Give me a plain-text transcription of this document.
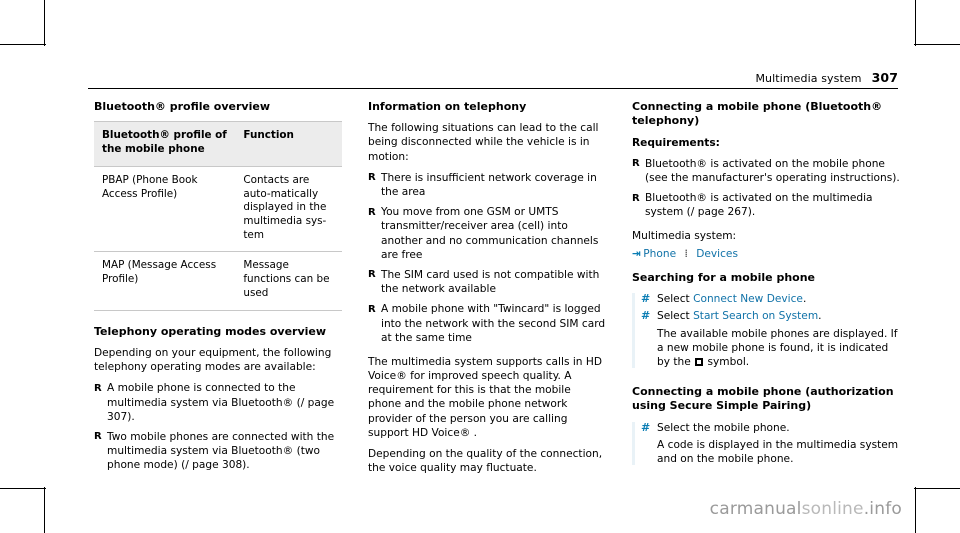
Multimedia system 307
Bluetooth® profile overview
Bluetooth® profile of the mobile phone	Function
PBAP (Phone Book Access Profile)	Contacts are auto-matically displayed in the multimedia sys-tem
MAP (Message Access Profile)	Message functions can be used
Telephony operating modes overview

Depending on your equipment, the following telephony operating modes are available:

R A mobile phone is connected to the multimedia system via Bluetooth® (/ page 307).
R Two mobile phones are connected with the multimedia system via Bluetooth® (two phone mode) (/ page 308).
Information on telephony

The following situations can lead to the call being disconnected while the vehicle is in motion:

R There is insufficient network coverage in the area
R You move from one GSM or UMTS transmitter/receiver area (cell) into another and no communication channels are free
R The SIM card used is not compatible with the network available
R A mobile phone with "Twincard" is logged into the network with the second SIM card at the same time

The multimedia system supports calls in HD Voice® for improved speech quality. A requirement for this is that the mobile phone and the mobile phone network provider of the person you are calling support HD Voice® .

Depending on the quality of the connection, the voice quality may fluctuate.

Connecting a mobile phone (Bluetooth® telephony)

Requirements:

R Bluetooth® is activated on the mobile phone (see the manufacturer's operating instructions).
R Bluetooth® is activated on the multimedia system (/ page 267).

Multimedia system:

⇥ Phone ⁞ Devices
Searching for a mobile phone
# Select Connect New Device.
# Select Start Search on System.
The available mobile phones are displayed. If a new mobile phone is found, it is indicated by the symbol.
Connecting a mobile phone (authorization using Secure Simple Pairing)
# Select the mobile phone.
A code is displayed in the multimedia system and on the mobile phone.
carmanualsonline.info
